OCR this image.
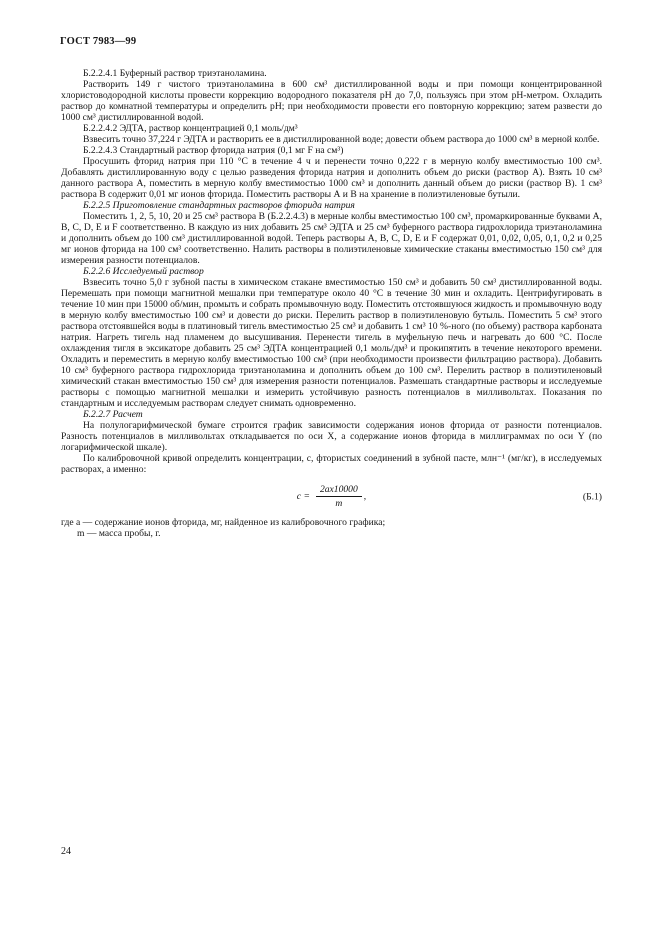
ГОСТ 7983—99

Б.2.2.4.1 Буферный раствор триэтаноламина.

Растворить 149 г чистого триэтаноламина в 600 см³ дистиллированной воды и при помощи концентрированной хлористоводородной кислоты провести коррекцию водородного показателя рН до 7,0, пользуясь при этом рН-метром. Охладить раствор до комнатной температуры и определить рН; при необходимости провести его повторную коррекцию; затем развести до 1000 см³ дистиллированной водой.

Б.2.2.4.2 ЭДТА, раствор концентрацией 0,1 моль/дм³

Взвесить точно 37,224 г ЭДТА и растворить ее в дистиллированной воде; довести объем раствора до 1000 см³ в мерной колбе.

Б.2.2.4.3 Стандартный раствор фторида натрия (0,1 мг F на см³)

Просушить фторид натрия при 110 °С в течение 4 ч и перенести точно 0,222 г в мерную колбу вместимостью 100 см³. Добавлять дистиллированную воду с целью разведения фторида натрия и дополнить объем до риски (раствор А). Взять 10 см³ данного раствора А, поместить в мерную колбу вместимостью 1000 см³ и дополнить данный объем до риски (раствор В). 1 см³ раствора В содержит 0,01 мг ионов фторида. Поместить растворы А и В на хранение в полиэтиленовые бутыли.

Б.2.2.5 Приготовление стандартных растворов фторида натрия

Поместить 1, 2, 5, 10, 20 и 25 см³ раствора В (Б.2.2.4.3) в мерные колбы вместимостью 100 см³, промаркированные буквами А, В, С, D, Е и F соответственно. В каждую из них добавить 25 см³ ЭДТА и 25 см³ буферного раствора гидрохлорида триэтаноламина и дополнить объем до 100 см³ дистиллированной водой. Теперь растворы А, В, С, D, Е и F содержат 0,01, 0,02, 0,05, 0,1, 0,2 и 0,25 мг ионов фторида на 100 см³ соответственно. Налить растворы в полиэтиленовые химические стаканы вместимостью 150 см³ для измерения разности потенциалов.

Б.2.2.6 Исследуемый раствор

Взвесить точно 5,0 г зубной пасты в химическом стакане вместимостью 150 см³ и добавить 50 см³ дистиллированной воды. Перемешать при помощи магнитной мешалки при температуре около 40 °С в течение 30 мин и охладить. Центрифугировать в течение 10 мин при 15000 об/мин, промыть и собрать промывочную воду. Поместить отстоявшуюся жидкость и промывочную воду в мерную колбу вместимостью 100 см³ и довести до риски. Перелить раствор в полиэтиленовую бутыль. Поместить 5 см³ этого раствора отстоявшейся воды в платиновый тигель вместимостью 25 см³ и добавить 1 см³ 10 %-ного (по объему) раствора карбоната натрия. Нагреть тигель над пламенем до высушивания. Перенести тигель в муфельную печь и нагревать до 600 °С. После охлаждения тигля в эксикаторе добавить 25 см³ ЭДТА концентрацией 0,1 моль/дм³ и прокипятить в течение некоторого времени. Охладить и переместить в мерную колбу вместимостью 100 см³ (при необходимости произвести фильтрацию раствора). Добавить 10 см³ буферного раствора гидрохлорида триэтаноламина и дополнить объем до 100 см³. Перелить раствор в полиэтиленовый химический стакан вместимостью 150 см³ для измерения разности потенциалов. Размешать стандартные растворы и исследуемые растворы с помощью магнитной мешалки и измерить устойчивую разность потенциалов в милливольтах. Показания по стандартным и исследуемым растворам следует снимать одновременно.

Б.2.2.7 Расчет

На полулогарифмической бумаге строится график зависимости содержания ионов фторида от разности потенциалов. Разность потенциалов в милливольтах откладывается по оси X, а содержание ионов фторида в миллиграммах по оси Y (по логарифмической шкале).

По калибровочной кривой определить концентрации, c, фтористых соединений в зубной пасте, млн⁻¹ (мг/кг), в исследуемых растворах, а именно:

$c = \frac{2ax10000}{m}$ ,	(Б.1)

где a — содержание ионов фторида, мг, найденное из калибровочного графика;

m — масса пробы, г.

24
